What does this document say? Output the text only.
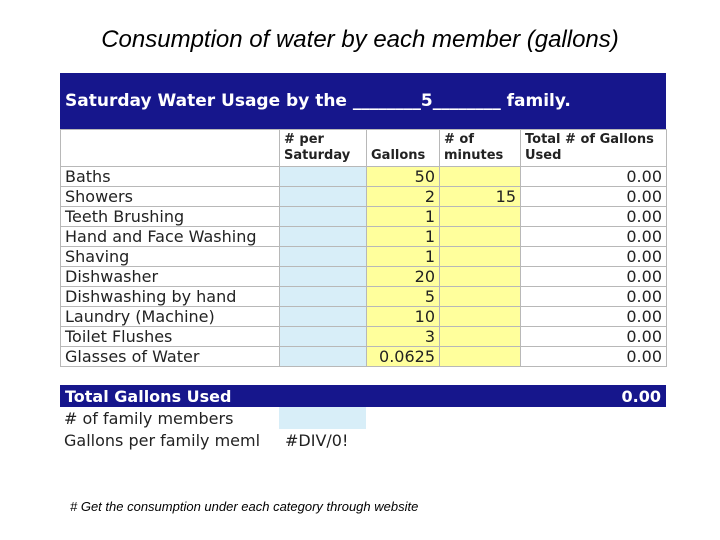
Consumption of water by each member (gallons)
Saturday Water Usage by the ________5________ family.
	# per Saturday	Gallons	# of minutes	Total # of Gallons Used
Baths		50		0.00
Showers		2	15	0.00
Teeth Brushing		1		0.00
Hand and Face Washing		1		0.00
Shaving		1		0.00
Dishwasher		20		0.00
Dishwashing by hand		5		0.00
Laundry (Machine)		10		0.00
Toilet Flushes		3		0.00
Glasses of Water		0.0625		0.00
Total Gallons Used	0.00
# of family members
Gallons per family meml	#DIV/0!
# Get the consumption under each category through website
